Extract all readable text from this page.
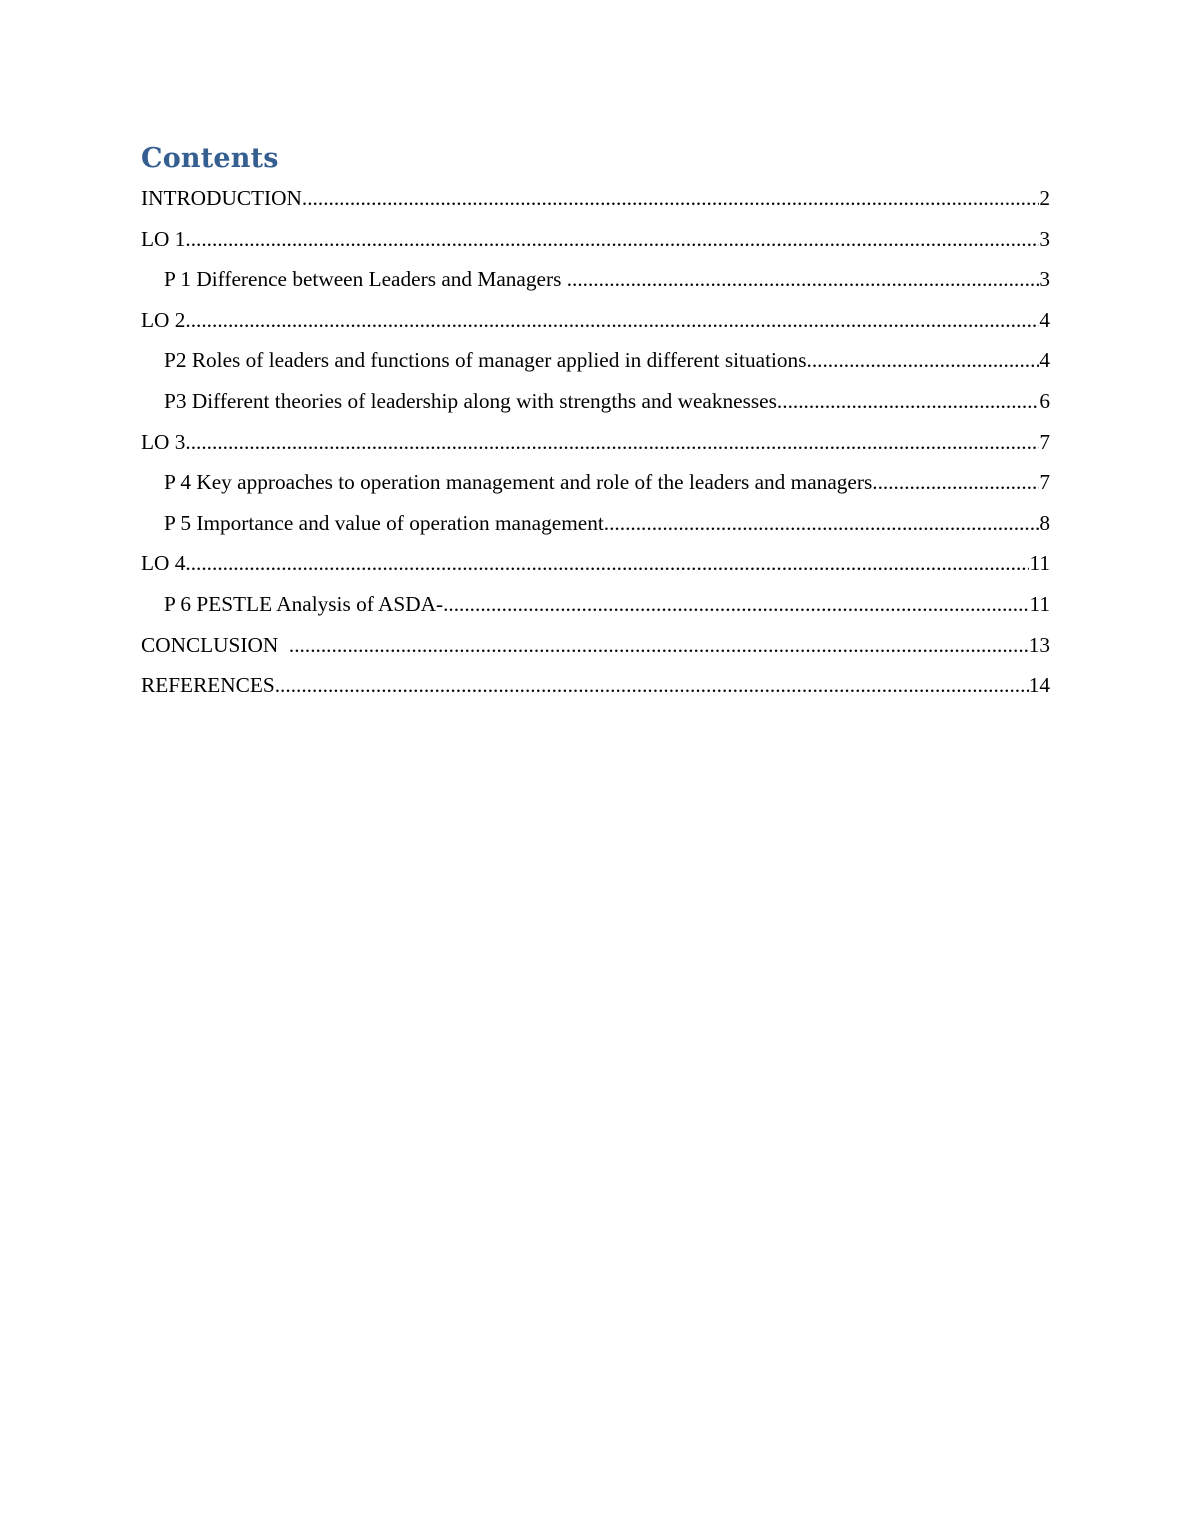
Contents
INTRODUCTION .....	2
LO 1 .....	3
P 1 Difference between Leaders and Managers .....	3
LO 2 .....	4
P2 Roles of leaders and functions of manager applied in different situations .....	4
P3 Different theories of leadership along with strengths and weaknesses .....	6
LO 3 .....	7
P 4 Key approaches to operation management and role of the leaders and managers .....	7
P 5 Importance and value of operation management .....	8
LO 4 .....	11
P 6 PESTLE Analysis of ASDA- .....	11
CONCLUSION .....	13
REFERENCES .....	14
